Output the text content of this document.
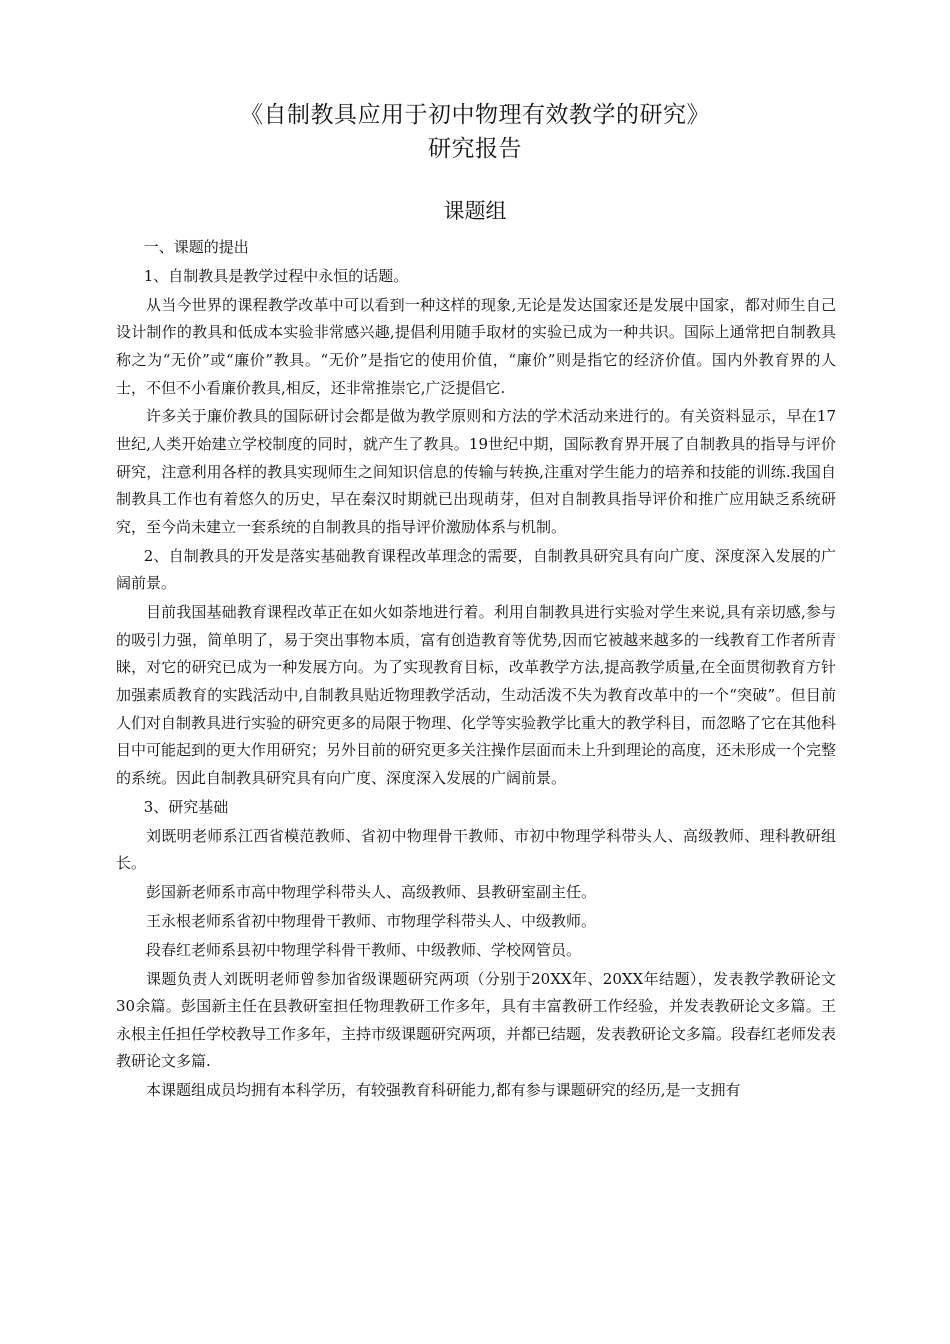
《自制教具应用于初中物理有效教学的研究》
研究报告
课题组

一、课题的提出

1、自制教具是教学过程中永恒的话题。

从当今世界的课程教学改革中可以看到一种这样的现象,无论是发达国家还是发展中国家，都对师生自己设计制作的教具和低成本实验非常感兴趣,提倡利用随手取材的实验已成为一种共识。国际上通常把自制教具称之为“无价”或“廉价”教具。“无价”是指它的使用价值，“廉价”则是指它的经济价值。国内外教育界的人士，不但不小看廉价教具,相反，还非常推崇它,广泛提倡它.

许多关于廉价教具的国际研讨会都是做为教学原则和方法的学术活动来进行的。有关资料显示，早在17世纪,人类开始建立学校制度的同时，就产生了教具。19世纪中期，国际教育界开展了自制教具的指导与评价研究，注意利用各样的教具实现师生之间知识信息的传输与转换,注重对学生能力的培养和技能的训练.我国自制教具工作也有着悠久的历史，早在秦汉时期就已出现萌芽，但对自制教具指导评价和推广应用缺乏系统研究，至今尚未建立一套系统的自制教具的指导评价激励体系与机制。

2、自制教具的开发是落实基础教育课程改革理念的需要，自制教具研究具有向广度、深度深入发展的广阔前景。

目前我国基础教育课程改革正在如火如荼地进行着。利用自制教具进行实验对学生来说,具有亲切感,参与的吸引力强，简单明了，易于突出事物本质，富有创造教育等优势,因而它被越来越多的一线教育工作者所青睐，对它的研究已成为一种发展方向。为了实现教育目标，改革教学方法,提高教学质量,在全面贯彻教育方针加强素质教育的实践活动中,自制教具贴近物理教学活动，生动活泼不失为教育改革中的一个“突破”。但目前人们对自制教具进行实验的研究更多的局限于物理、化学等实验教学比重大的教学科目，而忽略了它在其他科目中可能起到的更大作用研究；另外目前的研究更多关注操作层面而未上升到理论的高度，还未形成一个完整的系统。因此自制教具研究具有向广度、深度深入发展的广阔前景。

3、研究基础

刘既明老师系江西省模范教师、省初中物理骨干教师、市初中物理学科带头人、高级教师、理科教研组长。

彭国新老师系市高中物理学科带头人、高级教师、县教研室副主任。

王永根老师系省初中物理骨干教师、市物理学科带头人、中级教师。

段春红老师系县初中物理学科骨干教师、中级教师、学校网管员。

课题负责人刘既明老师曾参加省级课题研究两项（分别于20XX年、20XX年结题），发表教学教研论文30余篇。彭国新主任在县教研室担任物理教研工作多年，具有丰富教研工作经验，并发表教研论文多篇。王永根主任担任学校教导工作多年，主持市级课题研究两项，并都已结题，发表教研论文多篇。段春红老师发表教研论文多篇.

本课题组成员均拥有本科学历，有较强教育科研能力,都有参与课题研究的经历,是一支拥有
